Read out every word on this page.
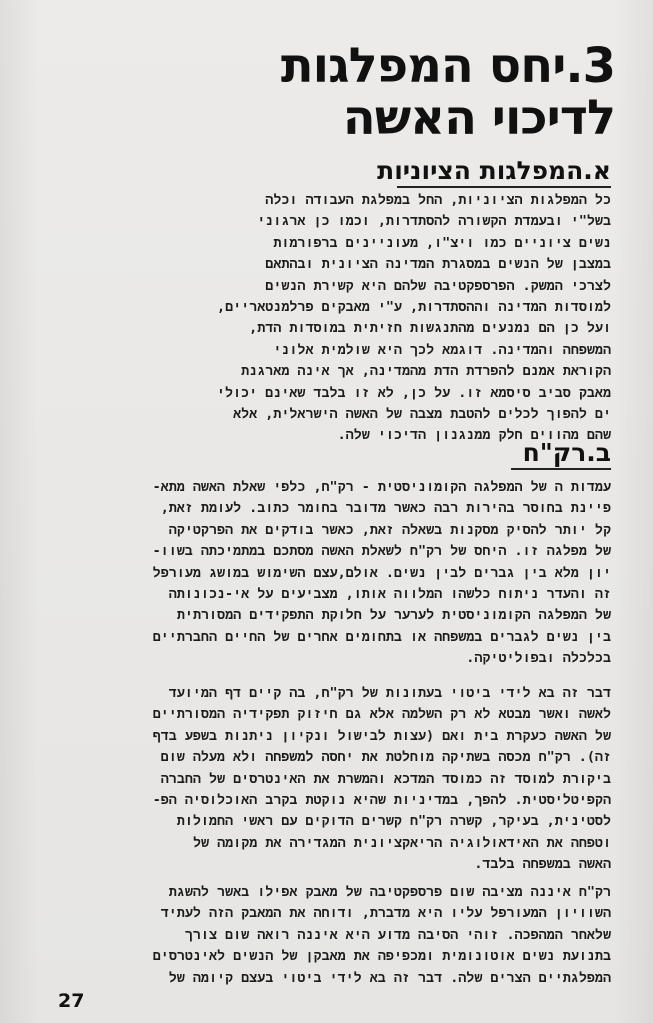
3.יחס המפלגות
לדיכוי האשה
א.המפלגות הציוניות
כל המפלגות הציוניות, החל במפלגת העבודה וכלה
בשל"י ובעמדת הקשורה להסתדרות, וכמו כן ארגוני
נשים ציוניים כמו ויצ"ו, מעוניינים ברפורמות
במצבן של הנשים במסגרת המדינה הציונית ובהתאם
לצרכי המשק. הפרספקטיבה שלהם היא קשירת הנשים
למוסדות המדינה וההסתדרות, ע"י מאבקים פרלמנטאריים,
ועל כן הם נמנעים מהתנגשות חזיתית במוסדות הדת,
המשפחה והמדינה. דוגמא לכך היא שולמית אלוני
הקוראת אמנם להפרדת הדת מהמדינה, אך אינה מארגנת
מאבק סביב סיסמא זו. על כן, לא זו בלבד שאינם יכולי
ים להפוך לכלים להטבת מצבה של האשה הישראלית, אלא
שהם מהווים חלק ממנגנון הדיכוי שלה.
ב.רק"ח
עמדות ה של המפלגה הקומוניסטית - רק"ח, כלפי שאלת האשה מתא-
פיינת בחוסר בהירות רבה כאשר מדובר בחומר כתוב. לעומת זאת,
קל יותר להסיק מסקנות בשאלה זאת, כאשר בודקים את הפרקטיקה
של מפלגה זו. היחס של רק"ח לשאלת האשה מסתכם במתמיכתה בשוו-
יון מלא בין גברים לבין נשים. אולם,עצם השימוש במושג מעורפל
זה והעדר ניתוח כלשהו המלווה אותו, מצביעים על אי-נכונותה
של המפלגה הקומוניסטית לערער על חלוקת התפקידים המסורתית
בין נשים לגברים במשפחה או בתחומים אחרים של החיים החברתיים
בכלכלה ובפוליטיקה.
דבר זה בא לידי ביטוי בעתונות של רק"ח, בה קיים דף המיועד
לאשה ואשר מבטא לא רק השלמה אלא גם חיזוק תפקידיה המסורתיים
של האשה כעקרת בית ואם (עצות לבישול ונקיון ניתנות בשפע בדף
זה). רק"ח מכסה בשתיקה מוחלטת את יחסה למשפחה ולא מעלה שום
ביקורת למוסד זה כמוסד המדכא והמשרת את האינטרסים של החברה
הקפיטליסטית. להפך, במדיניות שהיא נוקטת בקרב האוכלוסיה הפ-
לסטינית, בעיקר, קשרה רק"ח קשרים הדוקים עם ראשי החמולות
וטפחה את האידאולוגיה הריאקציונית המגדירה את מקומה של
האשה במשפחה בלבד.
רק"ח איננה מציבה שום פרספקטיבה של מאבק אפילו באשר להשגת
השוויון המעורפל עליו היא מדברת, ודוחה את המאבק הזה לעתיד
שלאחר המהפכה. זוהי הסיבה מדוע היא איננה רואה שום צורך
בתנועת נשים אוטונומית ומכפיפה את מאבקן של הנשים לאינטרסים
המפלגתיים הצרים שלה. דבר זה בא לידי ביטוי בעצם קיומה של
27
